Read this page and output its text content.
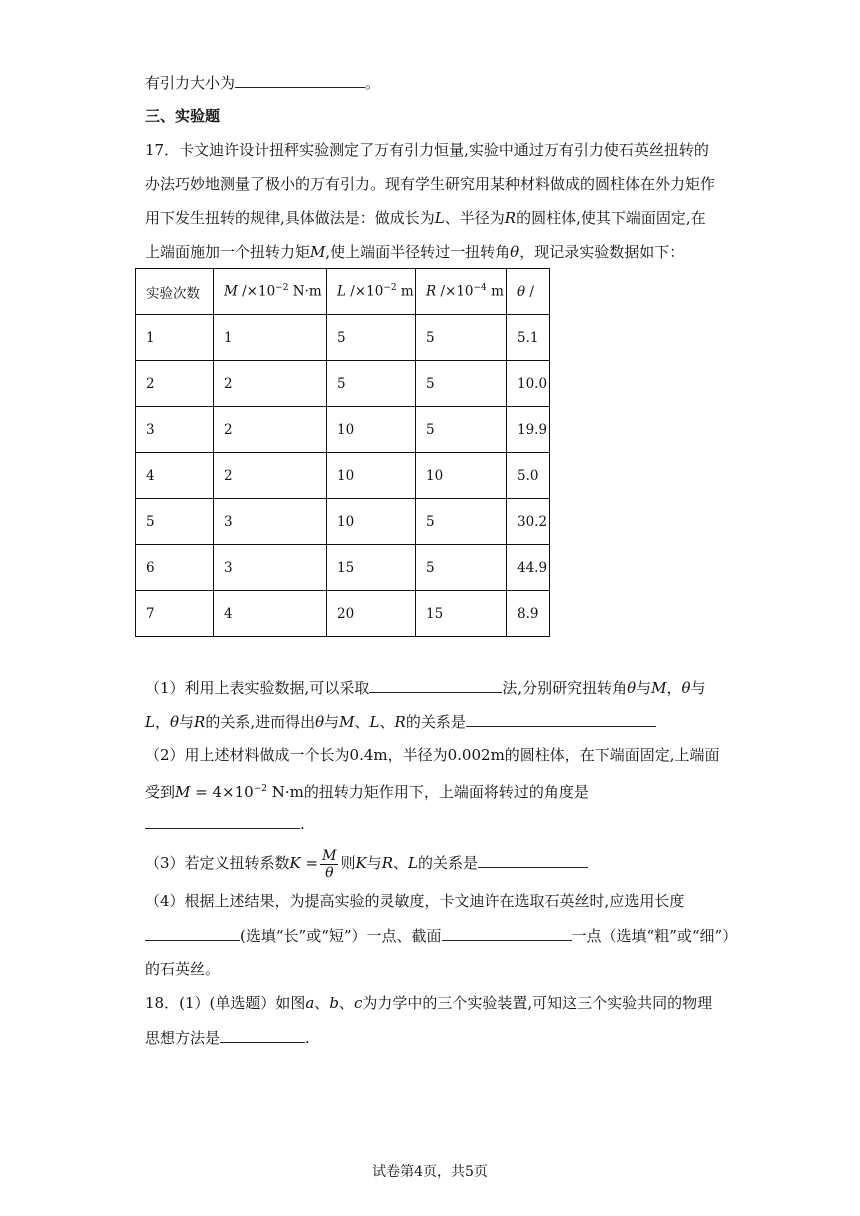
有引力大小为	。
三、实验题
17．卡文迪许设计扭秤实验测定了万有引力恒量,实验中通过万有引力使石英丝扭转的
办法巧妙地测量了极小的万有引力。现有学生研究用某种材料做成的圆柱体在外力矩作
用下发生扭转的规律,具体做法是：做成长为L、半径为R的圆柱体,使其下端面固定,在
上端面施加一个扭转力矩M,使上端面半径转过一扭转角θ，现记录实验数据如下：
实验次数	M $/\times 10^{-2}$ N·m	L $/\times 10^{-2}$ m	R $/\times 10^{-4}$ m	θ /
1	1	5	5	5.1
2	2	5	5	10.0
3	2	10	5	19.9
4	2	10	10	5.0
5	3	10	5	30.2
6	3	15	5	44.9
7	4	20	15	8.9
（1）利用上表实验数据,可以采取	法,分别研究扭转角θ与M，θ与
L，θ与R的关系,进而得出θ与M、L、R的关系是
（2）用上述材料做成一个长为0.4m，半径为0.002m的圆柱体，在下端面固定,上端面
受到$M = 4\times 10^{-2}$ N·m的扭转力矩作用下，上端面将转过的角度是
.
（3）若定义扭转系数$K = \frac{M}{\theta}$ 则K与R、L的关系是
（4）根据上述结果，为提高实验的灵敏度，卡文迪许在选取石英丝时,应选用长度
(选填“长”或“短”）一点、截面	一点（选填“粗”或“细”）
的石英丝。
18．(1）(单选题）如图a、b、c为力学中的三个实验装置,可知这三个实验共同的物理
思想方法是	.
试卷第4页，共5页
